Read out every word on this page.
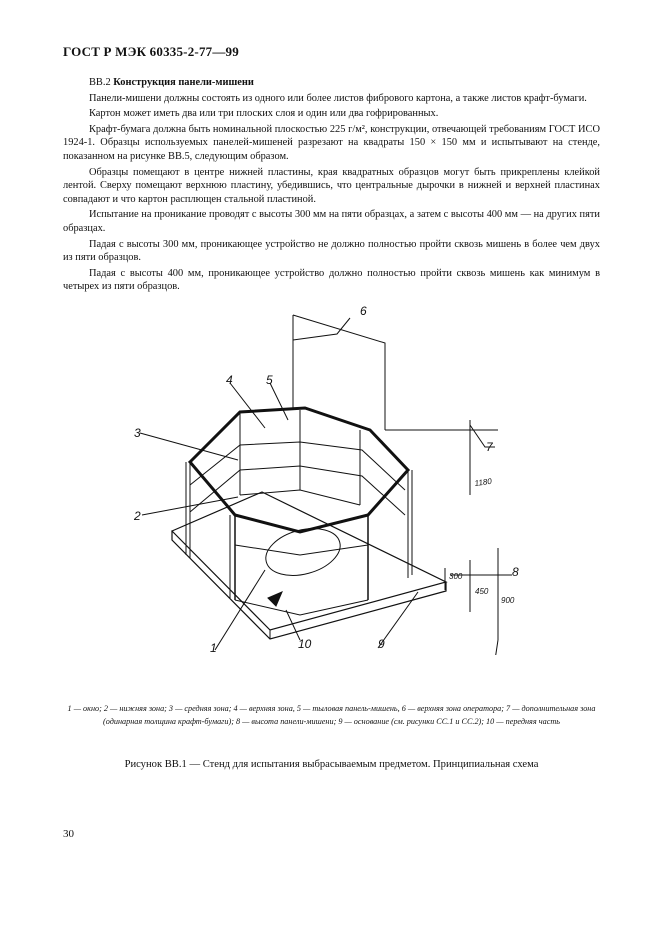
ГОСТ Р МЭК 60335-2-77—99

BB.2 Конструкция панели-мишени

Панели-мишени должны состоять из одного или более листов фибрового картона, а также листов крафт-бумаги.

Картон может иметь два или три плоских слоя и один или два гофрированных.

Крафт-бумага должна быть номинальной плоскостью 225 г/м², конструкции, отвечающей требованиям ГОСТ ИСО 1924-1. Образцы используемых панелей-мишеней разрезают на квадраты 150 × 150 мм и испытывают на стенде, показанном на рисунке BB.5, следующим образом.

Образцы помещают в центре нижней пластины, края квадратных образцов могут быть прикреплены клейкой лентой. Сверху помещают верхнюю пластину, убедившись, что центральные дырочки в нижней и верхней пластинах совпадают и что картон расплющен стальной пластиной.

Испытание на проникание проводят с высоты 300 мм на пяти образцах, а затем с высоты 400 мм — на других пяти образцах.

Падая с высоты 300 мм, проникающее устройство не должно полностью пройти сквозь мишень в более чем двух из пяти образцов.

Падая с высоты 400 мм, проникающее устройство должно полностью пройти сквозь мишень как минимум в четырех из пяти образцов.

3
2
4	5
6
7
8
9
10
1
1180
300
450
900
1 — окно; 2 — нижняя зона; 3 — средняя зона; 4 — верхняя зона, 5 — тыловая панель-мишень, 6 — верхняя зона оператора; 7 — дополнительная зона (одинарная толщина крафт-бумаги); 8 — высота панели-мишени; 9 — основание (см. рисунки СС.1 и СС.2); 10 — передняя часть
Рисунок BB.1 — Стенд для испытания выбрасываемым предметом. Принципиальная схема
30
